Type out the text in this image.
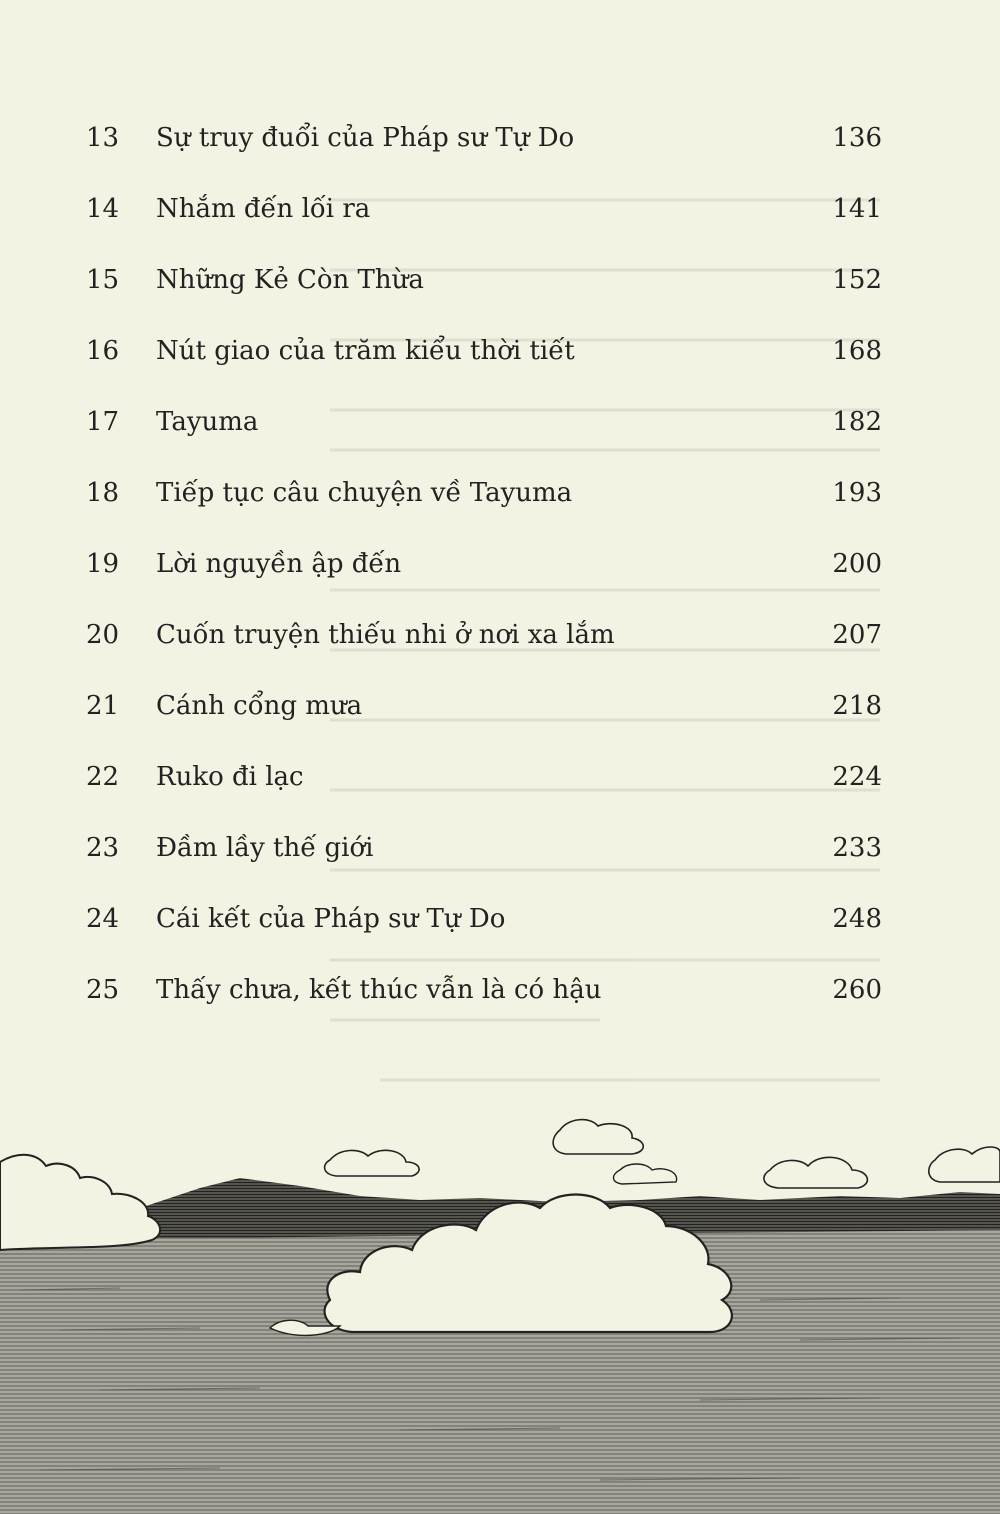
13	Sự truy đuổi của Pháp sư Tự Do	136
14	Nhắm đến lối ra	141
15	Những Kẻ Còn Thừa	152
16	Nút giao của trăm kiểu thời tiết	168
17	Tayuma	182
18	Tiếp tục câu chuyện về Tayuma	193
19	Lời nguyền ập đến	200
20	Cuốn truyện thiếu nhi ở nơi xa lắm	207
21	Cánh cổng mưa	218
22	Ruko đi lạc	224
23	Đầm lầy thế giới	233
24	Cái kết của Pháp sư Tự Do	248
25	Thấy chưa, kết thúc vẫn là có hậu	260
